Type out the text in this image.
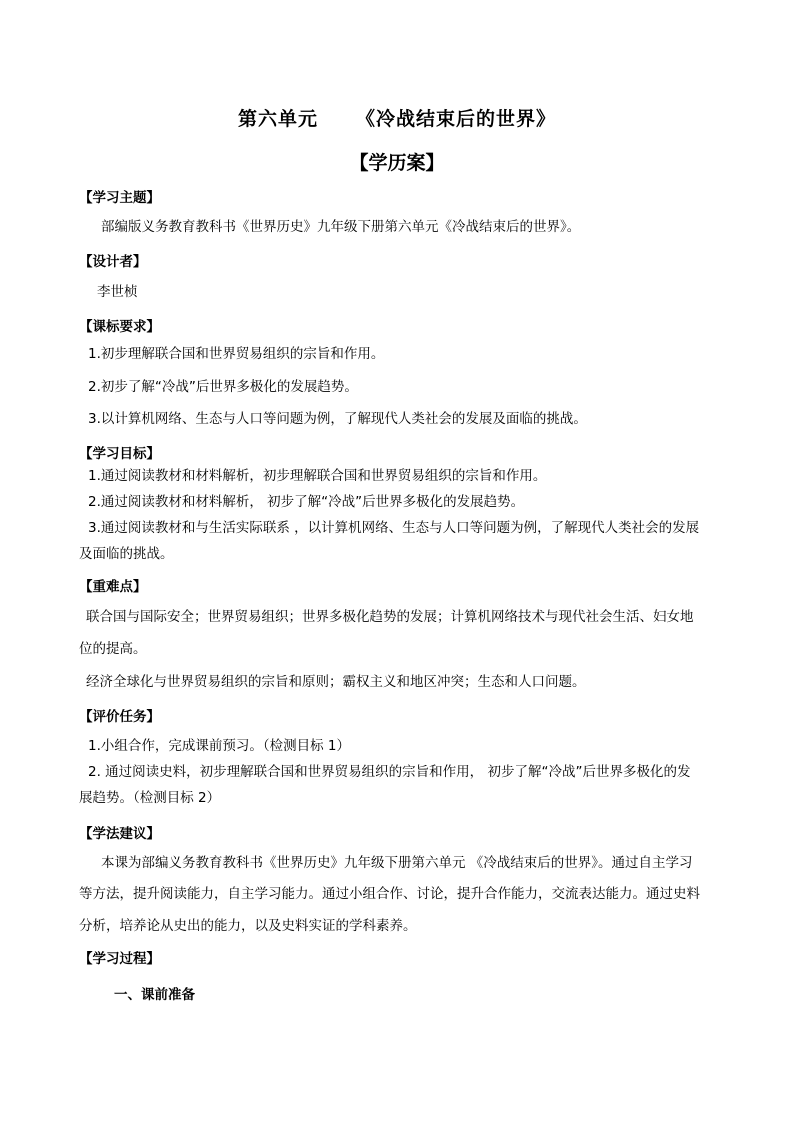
第六单元 《冷战结束后的世界》
【学历案】
【学习主题】
部编版义务教育教科书《世界历史》九年级下册第六单元《冷战结束后的世界》。
【设计者】
李世桢
【课标要求】
1.初步理解联合国和世界贸易组织的宗旨和作用。
2.初步了解“冷战”后世界多极化的发展趋势。
3.以计算机网络、生态与人口等问题为例，了解现代人类社会的发展及面临的挑战。
【学习目标】
1.通过阅读教材和材料解析，初步理解联合国和世界贸易组织的宗旨和作用。
2.通过阅读教材和材料解析， 初步了解“冷战”后世界多极化的发展趋势。
3.通过阅读教材和与生活实际联系 ，以计算机网络、生态与人口等问题为例，了解现代人类社会的发展
及面临的挑战。
【重难点】
联合国与国际安全；世界贸易组织；世界多极化趋势的发展；计算机网络技术与现代社会生活、妇女地
位的提高。
经济全球化与世界贸易组织的宗旨和原则；霸权主义和地区冲突；生态和人口问题。
【评价任务】
1.小组合作，完成课前预习。（检测目标 1）
2. 通过阅读史料，初步理解联合国和世界贸易组织的宗旨和作用， 初步了解“冷战”后世界多极化的发
展趋势。（检测目标 2）
【学法建议】
本课为部编义务教育教科书《世界历史》九年级下册第六单元 《冷战结束后的世界》。通过自主学习
等方法，提升阅读能力，自主学习能力。通过小组合作、讨论，提升合作能力，交流表达能力。通过史料
分析，培养论从史出的能力，以及史料实证的学科素养。
【学习过程】
一、课前准备
